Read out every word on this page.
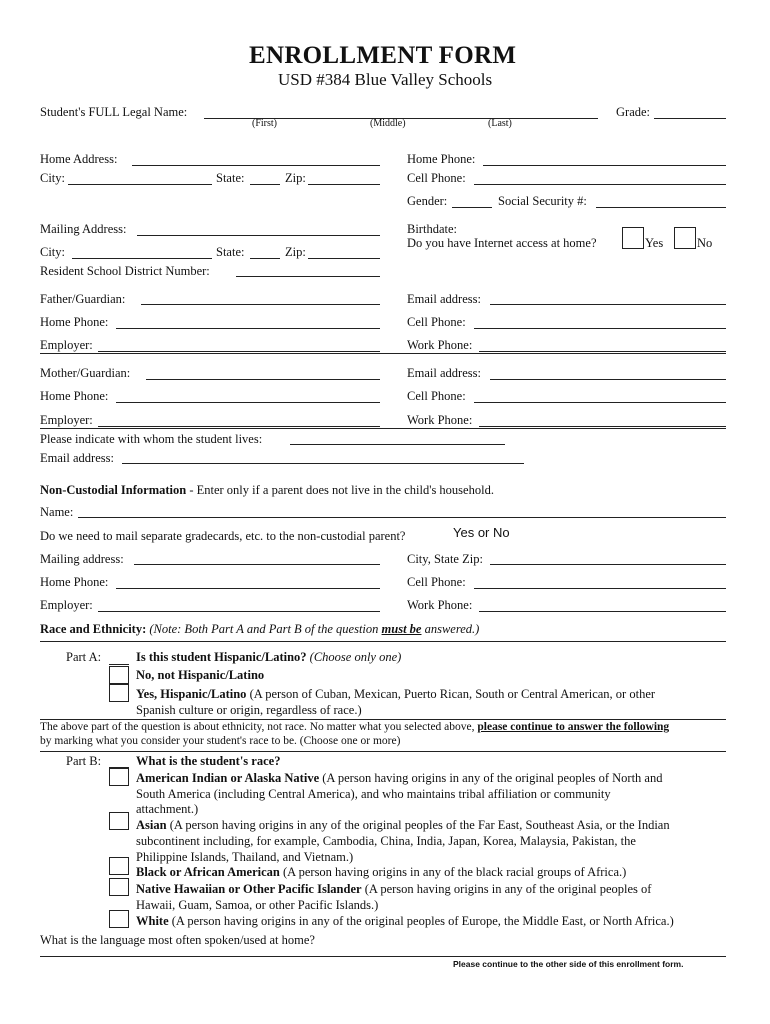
ENROLLMENT FORM
USD #384 Blue Valley Schools
Student's FULL Legal Name:
(First)	(Middle)	(Last)
Grade:
Home Address:	Home Phone:
City:	State:	Zip:	Cell Phone:
Gender:	Social Security #:
Mailing Address:	Birthdate:
Do you have Internet access at home?	Yes	No
City:	State:	Zip:
Resident School District Number:
Father/Guardian:	Email address:
Home Phone:	Cell Phone:
Employer:	Work Phone:
Mother/Guardian:	Email address:
Home Phone:	Cell Phone:
Employer:	Work Phone:
Please indicate with whom the student lives:
Email address:
Non-Custodial Information - Enter only if a parent does not live in the child's household.
Name:
Do we need to mail separate gradecards, etc. to the non-custodial parent?	Yes or No
Mailing address:	City, State Zip:
Home Phone:	Cell Phone:
Employer:	Work Phone:
Race and Ethnicity: (Note: Both Part A and Part B of the question must be answered.)
Part A:	Is this student Hispanic/Latino? (Choose only one)
No, not Hispanic/Latino
Yes, Hispanic/Latino (A person of Cuban, Mexican, Puerto Rican, South or Central American, or other
Spanish culture or origin, regardless of race.)
The above part of the question is about ethnicity, not race. No matter what you selected above, please continue to answer the following
by marking what you consider your student's race to be. (Choose one or more)
Part B:	What is the student's race?
American Indian or Alaska Native (A person having origins in any of the original peoples of North and
South America (including Central America), and who maintains tribal affiliation or community
attachment.)
Asian (A person having origins in any of the original peoples of the Far East, Southeast Asia, or the Indian
subcontinent including, for example, Cambodia, China, India, Japan, Korea, Malaysia, Pakistan, the
Philippine Islands, Thailand, and Vietnam.)
Black or African American (A person having origins in any of the black racial groups of Africa.)
Native Hawaiian or Other Pacific Islander (A person having origins in any of the original peoples of
Hawaii, Guam, Samoa, or other Pacific Islands.)
White (A person having origins in any of the original peoples of Europe, the Middle East, or North Africa.)
What is the language most often spoken/used at home?
Please continue to the other side of this enrollment form.
